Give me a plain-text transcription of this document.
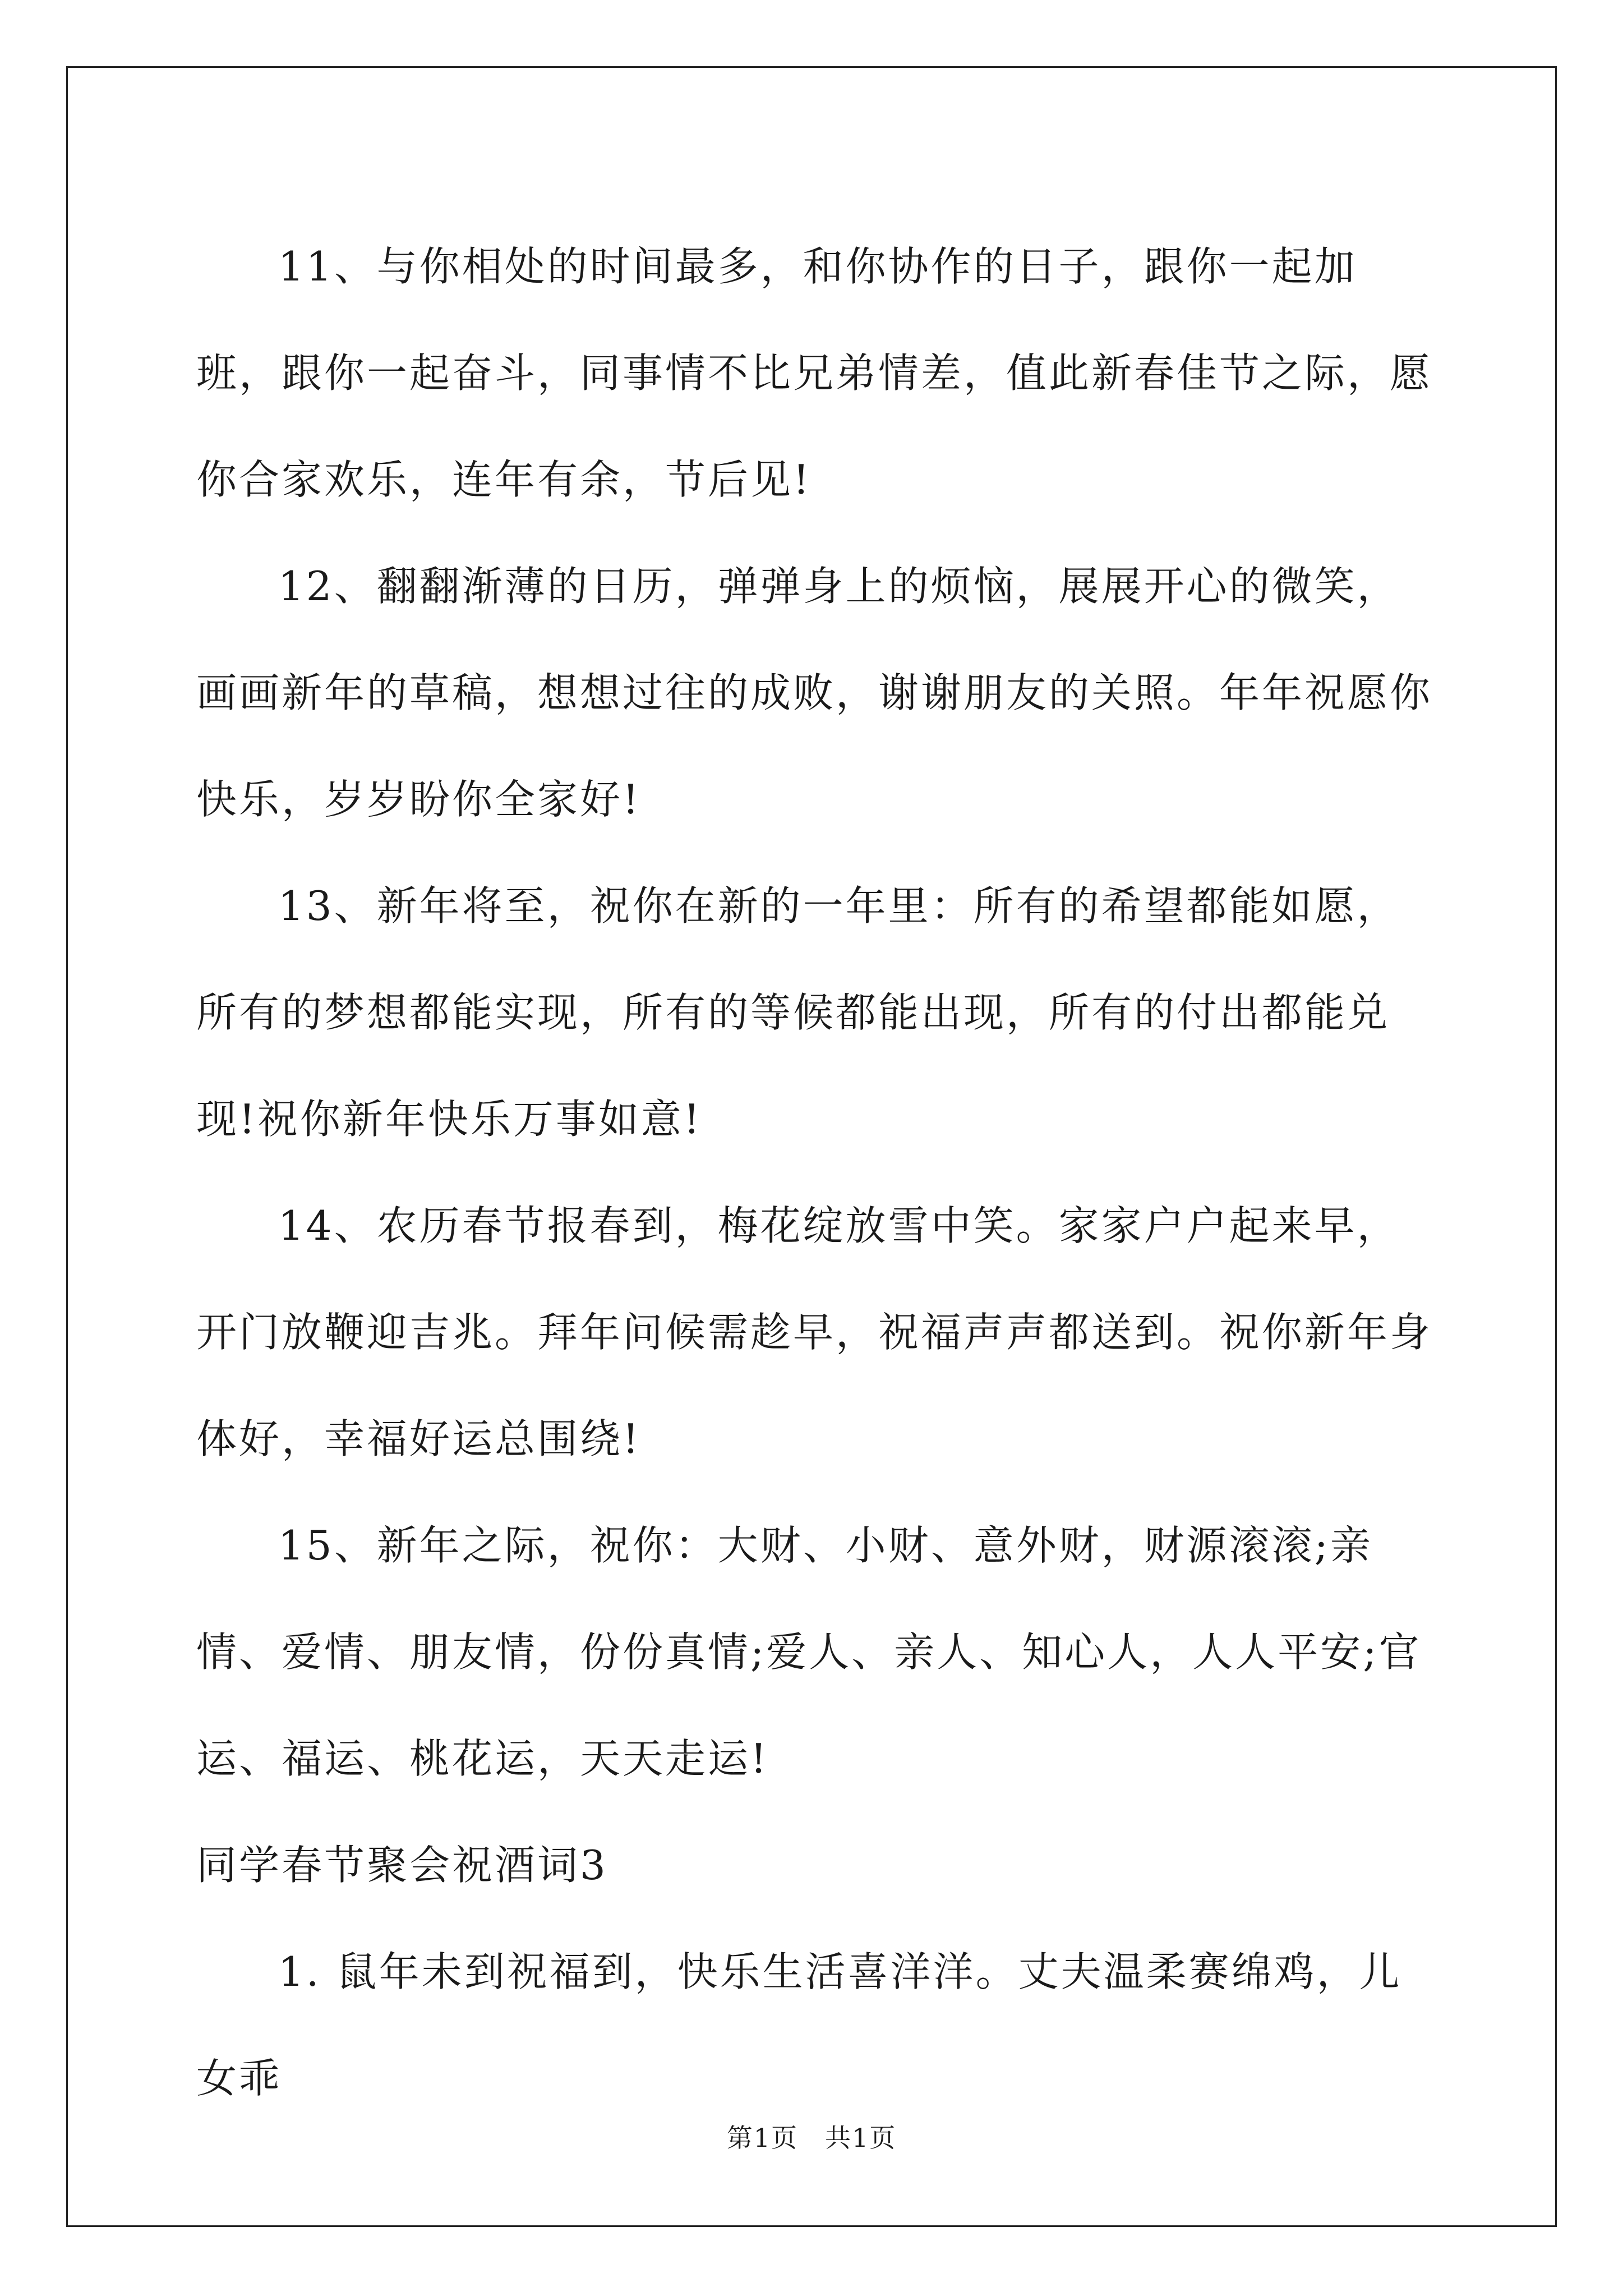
11、与你相处的时间最多，和你协作的日子，跟你一起加班，跟你一起奋斗，同事情不比兄弟情差，值此新春佳节之际，愿你合家欢乐，连年有余，节后见!

12、翻翻渐薄的日历，弹弹身上的烦恼，展展开心的微笑，画画新年的草稿，想想过往的成败，谢谢朋友的关照。年年祝愿你快乐，岁岁盼你全家好!

13、新年将至，祝你在新的一年里：所有的希望都能如愿，所有的梦想都能实现，所有的等候都能出现，所有的付出都能兑现!祝你新年快乐万事如意!

14、农历春节报春到，梅花绽放雪中笑。家家户户起来早，开门放鞭迎吉兆。拜年问候需趁早，祝福声声都送到。祝你新年身体好，幸福好运总围绕!

15、新年之际，祝你：大财、小财、意外财，财源滚滚;亲情、爱情、朋友情，份份真情;爱人、亲人、知心人，人人平安;官运、福运、桃花运，天天走运!

同学春节聚会祝酒词3

1. 鼠年未到祝福到，快乐生活喜洋洋。丈夫温柔赛绵鸡，儿女乖

第1页 共1页
